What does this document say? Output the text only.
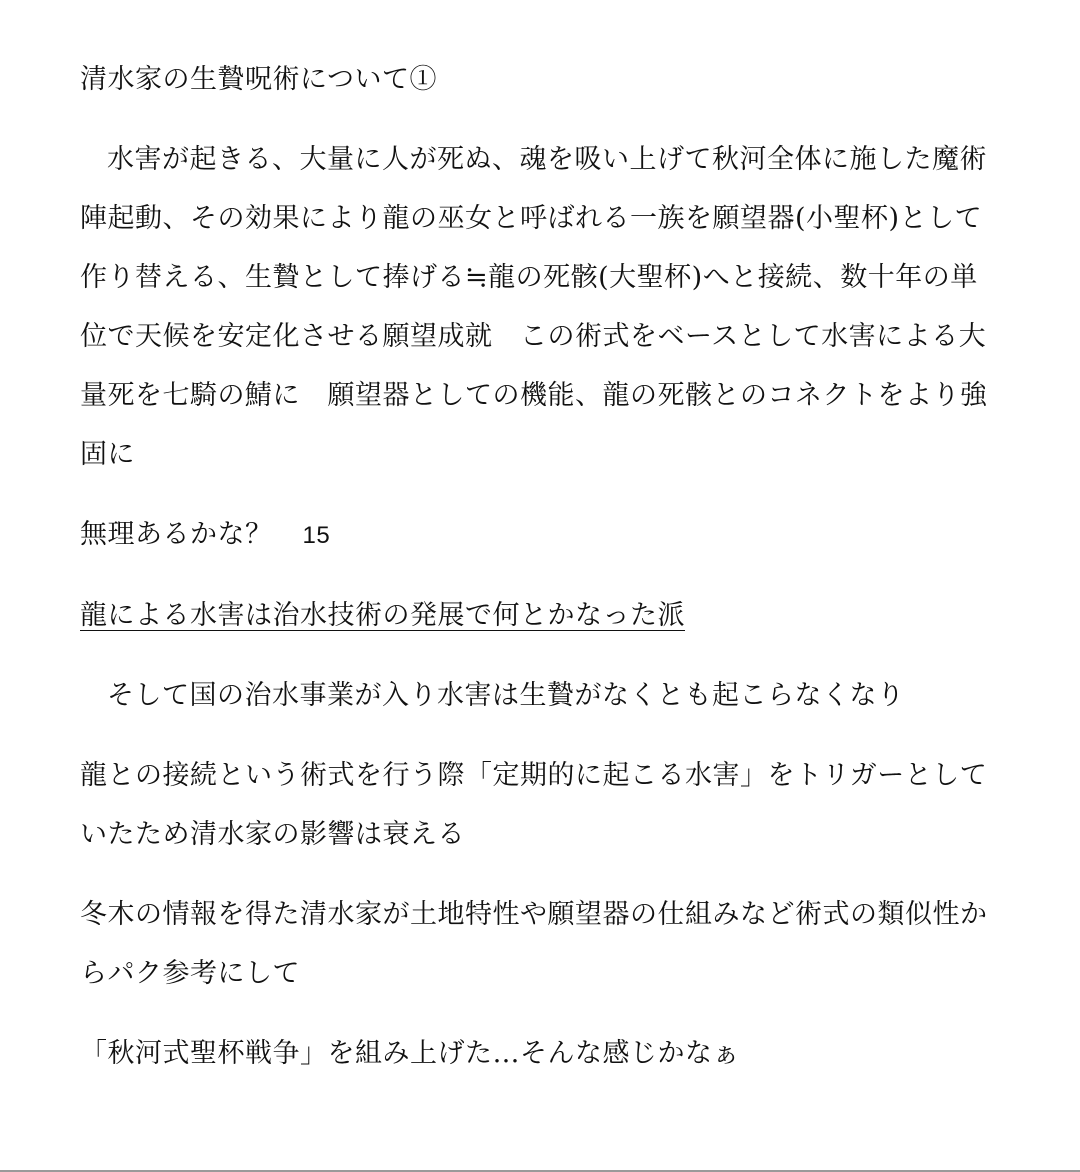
清水家の生贄呪術について①

水害が起きる、大量に人が死ぬ、魂を吸い上げて秋河全体に施した魔術陣起動、その効果により龍の巫女と呼ばれる一族を願望器(小聖杯)として作り替える、生贄として捧げる≒龍の死骸(大聖杯)へと接続、数十年の単位で天候を安定化させる願望成就　この術式をベースとして水害による大量死を七騎の鯖に　願望器としての機能、龍の死骸とのコネクトをより強固に

無理あるかな？ 15

龍による水害は治水技術の発展で何とかなった派

そして国の治水事業が入り水害は生贄がなくとも起こらなくなり

龍との接続という術式を行う際「定期的に起こる水害」をトリガーとしていたため清水家の影響は衰える

冬木の情報を得た清水家が土地特性や願望器の仕組みなど術式の類似性からパク参考にして

「秋河式聖杯戦争」を組み上げた…そんな感じかなぁ
